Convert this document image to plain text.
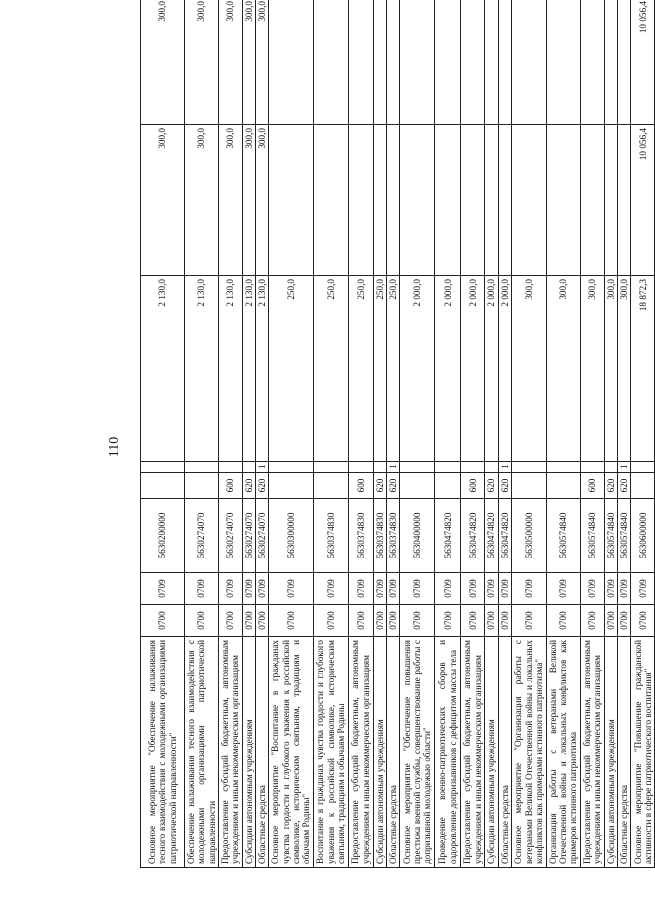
110
Основное мероприятие "Обеспечение налаживания тесного взаимодействия с молодежными организациями патриотической направленности"	0700	0709	5630200000			2 130,0	300,0	300,0
Обеспечение налаживания тесного взаимодействия с молодежными организациями патриотической направленности	0700	0709	5630274070			2 130,0	300,0	300,0
Предоставление субсидий бюджетным, автономным учреждениям и иным некоммерческим организациям	0700	0709	5630274070	600		2 130,0	300,0	300,0
Субсидии автономным учреждениям	0700	0709	5630274070	620		2 130,0	300,0	300,0
Областные средства	0700	0709	5630274070	620	1	2 130,0	300,0	300,0
Основное мероприятие "Воспитание в гражданах чувства гордости и глубокого уважения к российской символике, историческим святыням, традициям и обычаям Родины"	0700	0709	5630300000			250,0		
Воспитание в гражданах чувства гордости и глубокого уважения к российской символике, историческим святыням, традициям и обычаям Родины	0700	0709	5630374830			250,0		
Предоставление субсидий бюджетным, автономным учреждениям и иным некоммерческим организациям	0700	0709	5630374830	600		250,0		
Субсидии автономным учреждениям	0700	0709	5630374830	620		250,0		
Областные средства	0700	0709	5630374830	620	1	250,0		
Основное мероприятие "Обеспечение повышения престижа военной службы, совершенствование работы с допризывной молодежью области"	0700	0709	5630400000			2 000,0		
Проведение военно-патриотических сборов и оздоровление допризывников с дефицитом массы тела	0700	0709	5630474820			2 000,0		
Предоставление субсидий бюджетным, автономным учреждениям и иным некоммерческим организациям	0700	0709	5630474820	600		2 000,0		
Субсидии автономным учреждениям	0700	0709	5630474820	620		2 000,0		
Областные средства	0700	0709	5630474820	620	1	2 000,0		
Основное мероприятие "Организация работы с ветеранами Великой Отечественной войны и локальных конфликтов как примерами истинного патриотизма"	0700	0709	5630500000			300,0		
Организация работы с ветеранами Великой Отечественной войны и локальных конфликтов как примеров истинного патриотизма	0700	0709	5630574840			300,0		
Предоставление субсидий бюджетным, автономным учреждениям и иным некоммерческим организациям	0700	0709	5630574840	600		300,0		
Субсидии автономным учреждениям	0700	0709	5630574840	620		300,0		
Областные средства	0700	0709	5630574840	620	1	300,0		
Основное мероприятие "Повышение гражданской активности в сфере патриотического воспитания"	0700	0709	5630600000			18 872,3	10 056,4	10 056,4
